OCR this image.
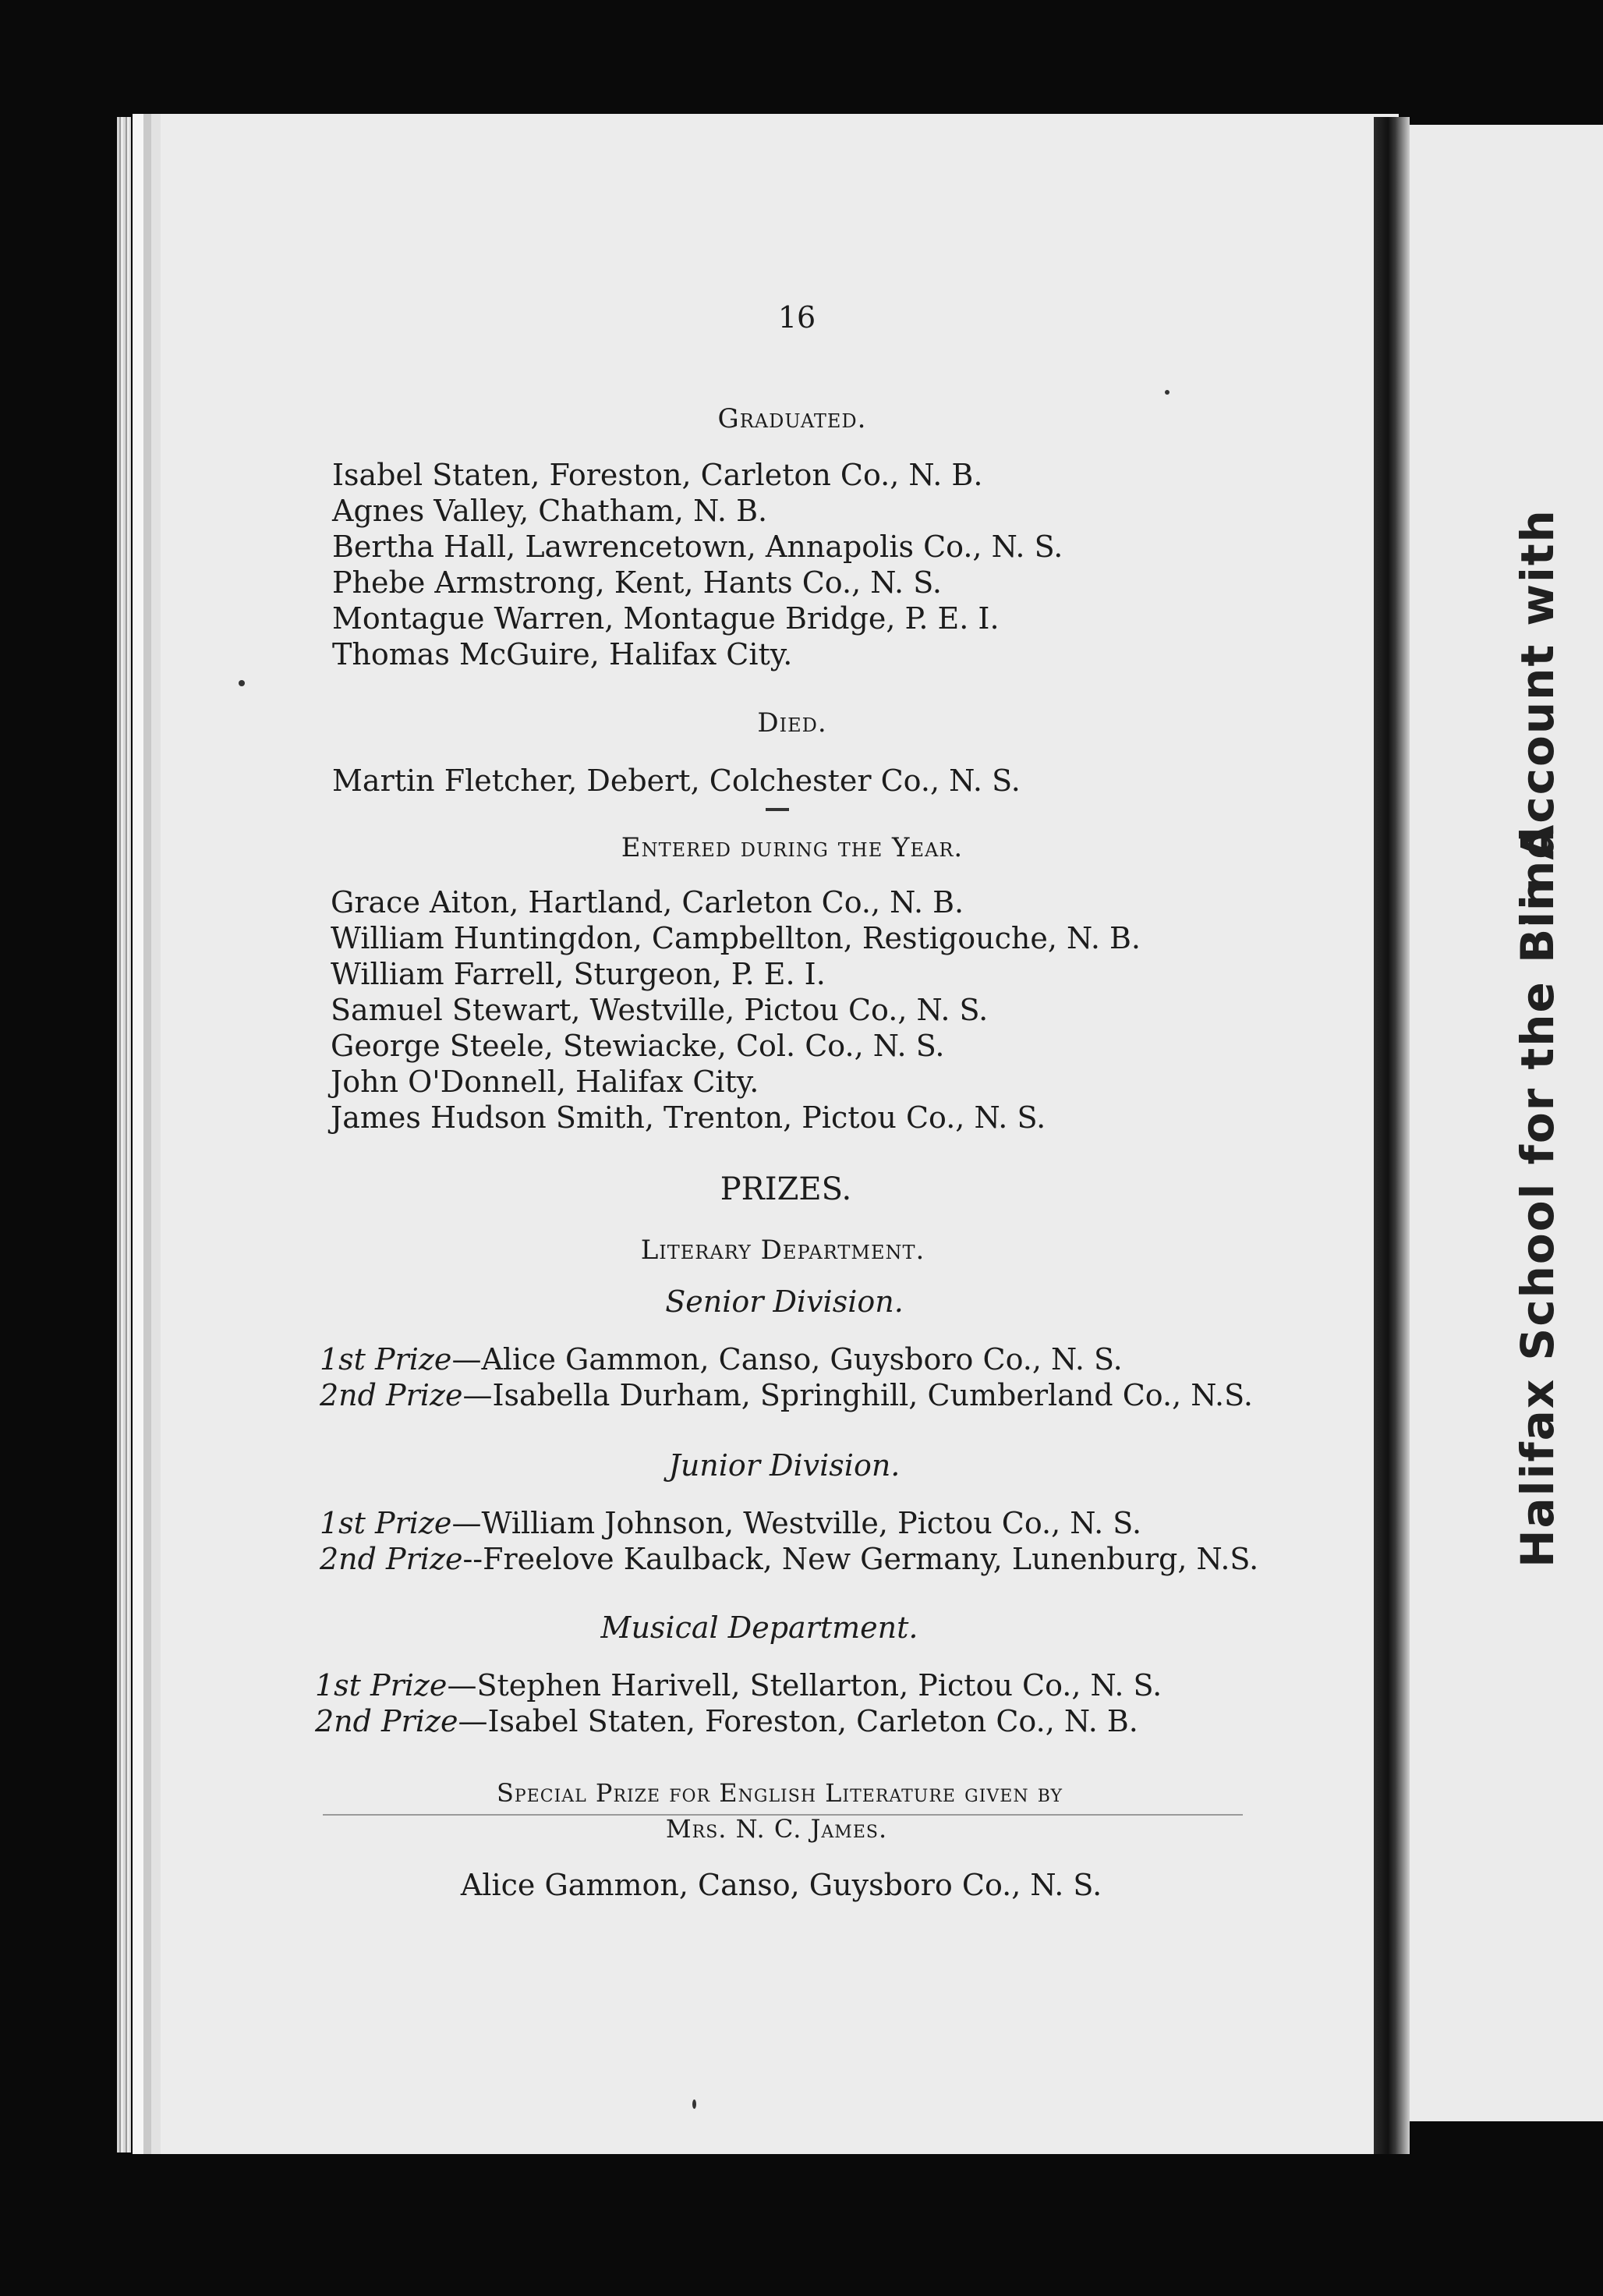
Halifax School for the Blind
in Account with
16
Graduated.
Isabel Staten, Foreston, Carleton Co., N. B.
Agnes Valley, Chatham, N. B.
Bertha Hall, Lawrencetown, Annapolis Co., N. S.
Phebe Armstrong, Kent, Hants Co., N. S.
Montague Warren, Montague Bridge, P. E. I.
Thomas McGuire, Halifax City.
Died.
Martin Fletcher, Debert, Colchester Co., N. S.
Entered during the Year.
Grace Aiton, Hartland, Carleton Co., N. B.
William Huntingdon, Campbellton, Restigouche, N. B.
William Farrell, Sturgeon, P. E. I.
Samuel Stewart, Westville, Pictou Co., N. S.
George Steele, Stewiacke, Col. Co., N. S.
John O'Donnell, Halifax City.
James Hudson Smith, Trenton, Pictou Co., N. S.
PRIZES.
Literary Department.
Senior Division.
1st Prize—Alice Gammon, Canso, Guysboro Co., N. S.
2nd Prize—Isabella Durham, Springhill, Cumberland Co., N.S.
Junior Division.
1st Prize—William Johnson, Westville, Pictou Co., N. S.
2nd Prize--Freelove Kaulback, New Germany, Lunenburg, N.S.
Musical Department.
1st Prize—Stephen Harivell, Stellarton, Pictou Co., N. S.
2nd Prize—Isabel Staten, Foreston, Carleton Co., N. B.
Special Prize for English Literature given by
Mrs. N. C. James.
Alice Gammon, Canso, Guysboro Co., N. S.
